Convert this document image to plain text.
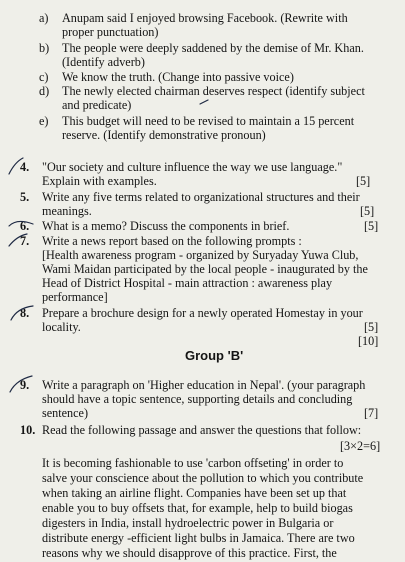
a) Anupam said I enjoyed browsing Facebook. (Rewrite with
proper punctuation)
b) The people were deeply saddened by the demise of Mr. Khan.
(Identify adverb)
c) We know the truth. (Change into passive voice)
d) The newly elected chairman deserves respect (identify subject
and predicate)
e) This budget will need to be revised to maintain a 15 percent
reserve. (Identify demonstrative pronoun)
4. "Our society and culture influence the way we use language."
Explain with examples.	[5]
5. Write any five terms related to organizational structures and their
meanings.	[5]
6. What is a memo? Discuss the components in brief.	[5]
7. Write a news report based on the following prompts :
[Health awareness program - organized by Suryaday Yuwa Club,
Wami Maidan participated by the local people - inaugurated by the
Head of District Hospital - main attraction : awareness play
performance]
8. Prepare a brochure design for a newly operated Homestay in your
locality.	[5]
[10]
Group 'B'
9. Write a paragraph on 'Higher education in Nepal'. (your paragraph
should have a topic sentence, supporting details and concluding
sentence)	[7]
10. Read the following passage and answer the questions that follow:
[3×2=6]
It is becoming fashionable to use 'carbon offseting' in order to
salve your conscience about the pollution to which you contribute
when taking an airline flight. Companies have been set up that
enable you to buy offsets that, for example, help to build biogas
digesters in India, install hydroelectric power in Bulgaria or
distribute energy -efficient light bulbs in Jamaica. There are two
reasons why we should disapprove of this practice. First, the
